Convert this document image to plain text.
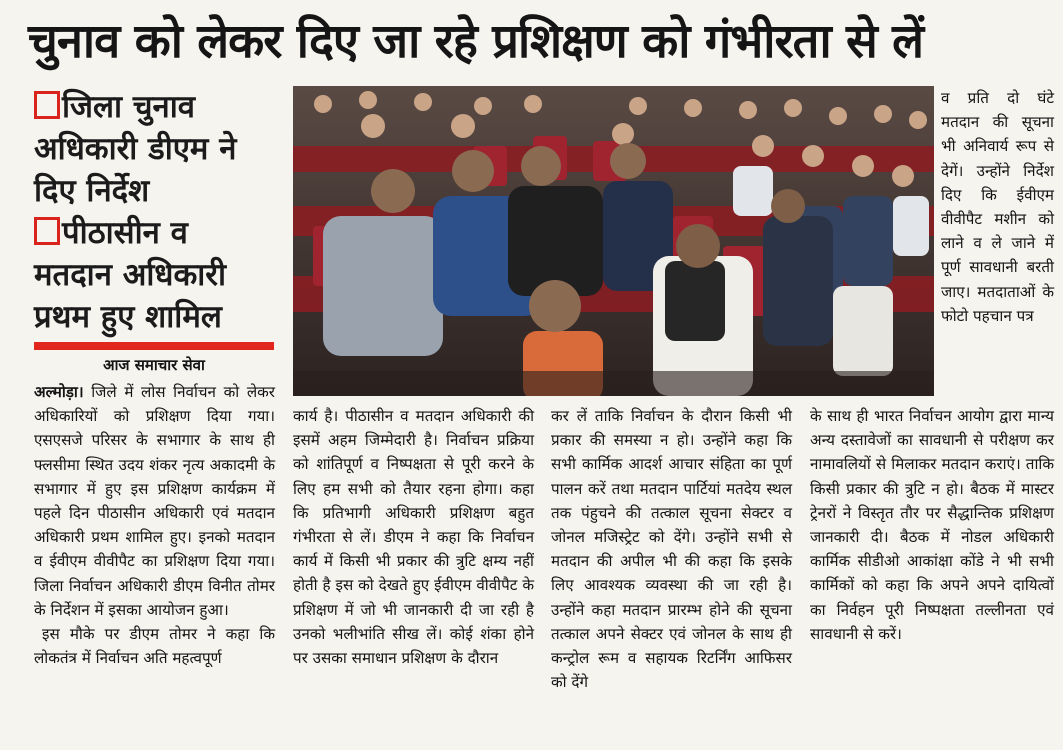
चुनाव को लेकर दिए जा रहे प्रशिक्षण को गंभीरता से लें
जिला चुनाव
अधिकारी डीएम ने
दिए निर्देश
पीठासीन व
मतदान अधिकारी
प्रथम हुए शामिल
आज समाचार सेवा

अल्मोड़ा। जिले में लोस निर्वाचन को लेकर अधिकारियों को प्रशिक्षण दिया गया। एसएसजे परिसर के सभागार के साथ ही फ्लसीमा स्थित उदय शंकर नृत्य अकादमी के सभागार में हुए इस प्रशिक्षण कार्यक्रम में पहले दिन पीठासीन अधिकारी एवं मतदान अधिकारी प्रथम शामिल हुए। इनको मतदान व ईवीएम वीवीपैट का प्रशिक्षण दिया गया। जिला निर्वाचन अधिकारी डीएम विनीत तोमर के निर्देशन में इसका आयोजन हुआ।

इस मौके पर डीएम तोमर ने कहा कि लोकतंत्र में निर्वाचन अति महत्वपूर्ण

कार्य है। पीठासीन व मतदान अधिकारी की इसमें अहम जिम्मेदारी है। निर्वाचन प्रक्रिया को शांतिपूर्ण व निष्पक्षता से पूरी करने के लिए हम सभी को तैयार रहना होगा। कहा कि प्रतिभागी अधिकारी प्रशिक्षण बहुत गंभीरता से लें। डीएम ने कहा कि निर्वाचन कार्य में किसी भी प्रकार की त्रुटि क्षम्य नहीं होती है इस को देखते हुए ईवीएम वीवीपैट के प्रशिक्षण में जो भी जानकारी दी जा रही है उनको भलीभांति सीख लें। कोई शंका होने पर उसका समाधान प्रशिक्षण के दौरान

कर लें ताकि निर्वाचन के दौरान किसी भी प्रकार की समस्या न हो। उन्होंने कहा कि सभी कार्मिक आदर्श आचार संहिता का पूर्ण पालन करें तथा मतदान पार्टियां मतदेय स्थल तक पंहुचने की तत्काल सूचना सेक्टर व जोनल मजिस्ट्रेट को देंगे। उन्होंने सभी से मतदान की अपील भी की कहा कि इसके लिए आवश्यक व्यवस्था की जा रही है। उन्होंने कहा मतदान प्रारम्भ होने की सूचना तत्काल अपने सेक्टर एवं जोनल के साथ ही कन्ट्रोल रूम व सहायक रिटर्निंग आफिसर को देंगे

व प्रति दो घंटे मतदान की सूचना भी अनिवार्य रूप से देगें। उन्होंने निर्देश दिए कि ईवीएम वीवीपैट मशीन को लाने व ले जाने में पूर्ण सावधानी बरती जाए। मतदाताओं के फोटो पहचान पत्र

के साथ ही भारत निर्वाचन आयोग द्वारा मान्य अन्य दस्तावेजों का सावधानी से परीक्षण कर नामावलियों से मिलाकर मतदान कराएं। ताकि किसी प्रकार की त्रुटि न हो। बैठक में मास्टर ट्रेनरों ने विस्तृत तौर पर सैद्धान्तिक प्रशिक्षण जानकारी दी। बैठक में नोडल अधिकारी कार्मिक सीडीओ आकांक्षा कोंडे ने भी सभी कार्मिकों को कहा कि अपने अपने दायित्वों का निर्वहन पूरी निष्पक्षता तल्लीनता एवं सावधानी से करें।
